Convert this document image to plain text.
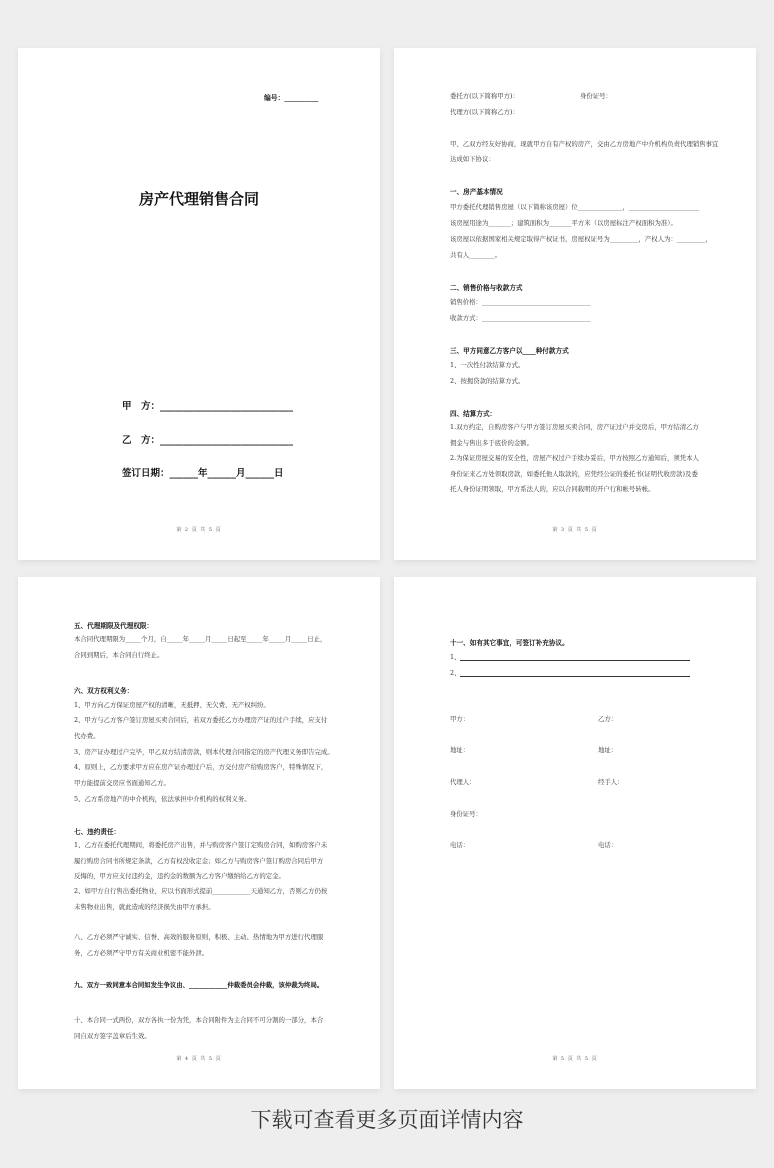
编号：__________
房产代理销售合同
甲　方：____________________________
乙　方：____________________________
签订日期：______年______月______日
第 2 页 共 5 页
委托方(以下简称甲方)：	身份证号：
代理方(以下简称乙方)：
甲、乙双方经友好协商，现就甲方自有产权的房产，交由乙方房地产中介机构负责代理销售事宜
达成如下协议：
一、房产基本情况
甲方委托代理销售房屋（以下简称该房屋）位______________，______________________
该房屋用途为_______；建筑面积为_______平方米（以房屋标注产权面积为准）。
该房屋以依据国家相关规定取得产权证书，房屋权证号为_________，产权人为：_________，
共有人________。
二、销售价格与收款方式
销售价格：__________________________________
收款方式：__________________________________
三、甲方同意乙方客户以____种付款方式
1、一次性付款结算方式。
2、按揭贷款的结算方式。
四、结算方式：
1.双方约定，自购房客户与甲方签订房屋买卖合同，房产证过户并交房后，甲方结清乙方佣金与售出多于底价的金额。
2.为保证房屋交易的安全性，房屋产权过户手续办妥后，甲方按照乙方通知后，须凭本人身份证来乙方处领取房款，如委托他人取款的，应凭经公证的委托书(证明代收房款)及委托人身份证明领取，甲方系法人的，应以合同载明的开户行和帐号转帐。
第 3 页 共 5 页
五、代理期限及代理权限：
本合同代理期限为_____个月，自_____年_____月_____日起至_____年_____月_____日止，合同到期后，本合同自行终止。
六、双方权利义务：
1、甲方向乙方保证房屋产权的清晰，无抵押、无欠费、无产权纠纷。
2、甲方与乙方客户签订房屋买卖合同后，若双方委托乙方办理房产证的过户手续，应支付代办费。
3、房产证办理过户完毕，甲乙双方结清房款，则本代理合同指定的房产代理义务即告完成。
4、原则上，乙方要求甲方应在房产证办理过户后，方交付房产给购房客户，特殊情况下，甲方能提前交房应书面通知乙方。
5、乙方系房地产的中介机构，依法承担中介机构的权利义务。
七、违约责任：
1、乙方在委托代理期间，将委托房产出售，并与购房客户签订定购房合同，如购房客户未履行购房合同书所规定条款，乙方有权没收定金；如乙方与购房客户签订购房合同后甲方反悔的，甲方应支付违约金，违约金的数额为乙方客户缴纳给乙方的定金。
2、如甲方自行售出委托物业，应以书面形式提前____________天通知乙方，否则乙方仍按未售物业出售，就此造成的经济损失由甲方承担。
八、乙方必须严守诚实、信誉、高效的服务原则，积极、主动、热情地为甲方进行代理服务，乙方必须严守甲方有关商业机密不能外泄。
九、双方一致同意本合同如发生争议由、____________仲裁委员会仲裁，该仲裁为终局。
十、本合同一式两份，双方各执一份为凭，本合同附件为主合同不可分割的一部分，本合同自双方签字盖章后生效。
第 4 页 共 5 页
十一、如有其它事宜，可签订补充协议。
1、
2、
甲方：
地址：
代理人：
身份证号：
电话：
乙方：
地址：
经手人：
电话：
第 5 页 共 5 页
下载可查看更多页面详情内容
